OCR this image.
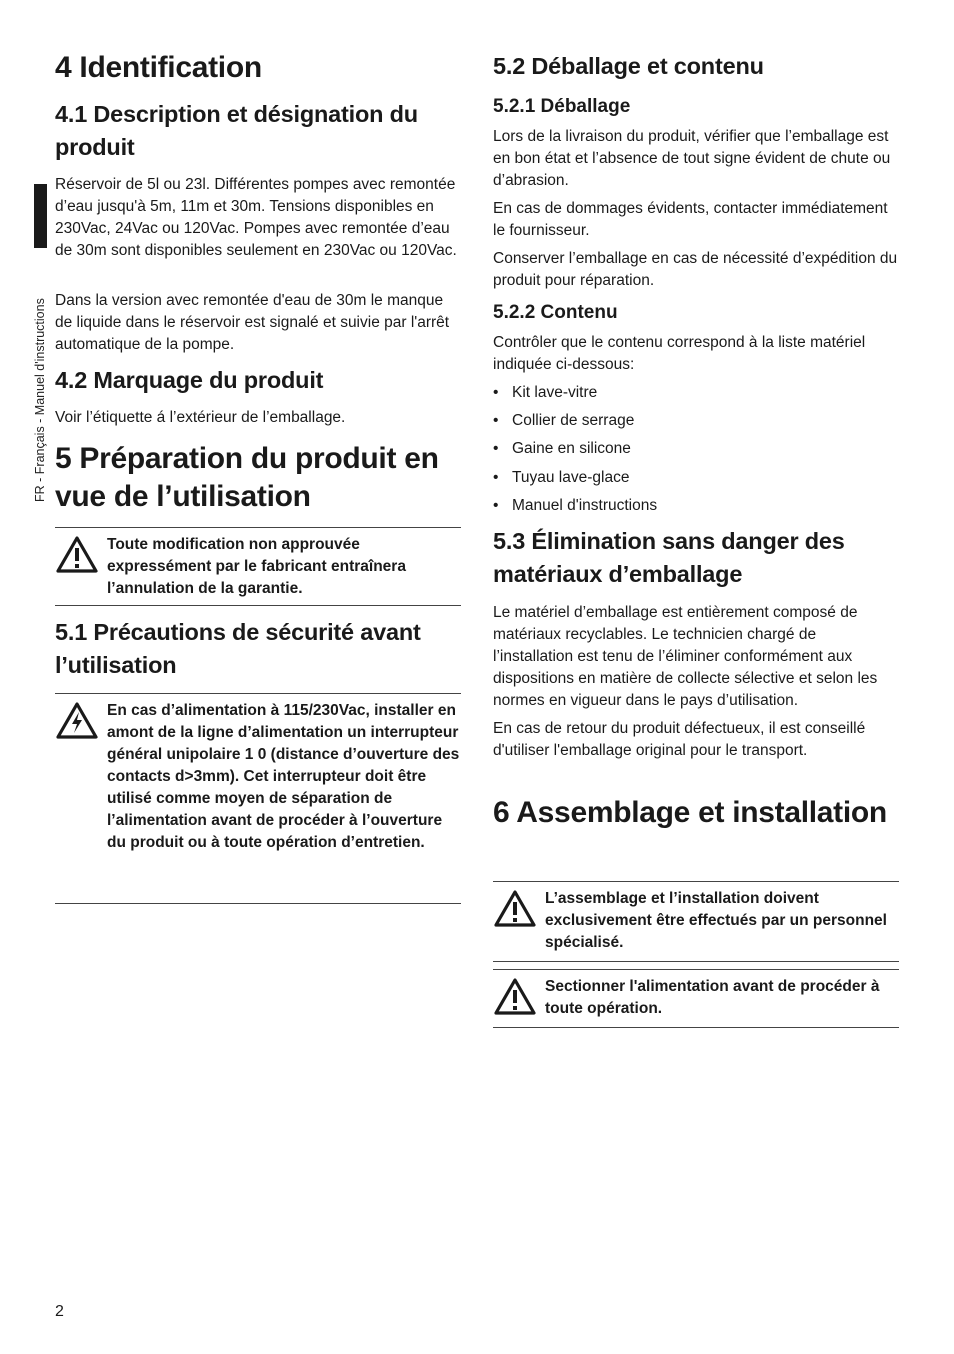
FR - Français - Manuel d'instructions
4 Identification
4.1 Description et désignation du produit

Réservoir de 5l ou 23l. Différentes pompes avec remontée d’eau jusqu'à 5m, 11m et 30m. Tensions disponibles en 230Vac, 24Vac ou 120Vac. Pompes avec remontée d’eau de 30m sont disponibles seulement en 230Vac ou 120Vac.

Dans la version avec remontée d'eau de 30m le manque de liquide dans le réservoir est signalé et suivie par l'arrêt automatique de la pompe.

4.2 Marquage du produit

Voir l’étiquette á l’extérieur de l’emballage.

5 Préparation du produit en vue de l’utilisation
Toute modification non approuvée expressément par le fabricant entraînera l’annulation de la garantie.
5.1 Précautions de sécurité avant l’utilisation
En cas d’alimentation à 115/230Vac, installer en amont de la ligne d’alimentation un interrupteur général unipolaire 1 0 (distance d’ouverture des contacts d>3mm). Cet interrupteur doit être utilisé comme moyen de séparation de l’alimentation avant de procéder à l’ouverture du produit ou à toute opération d’entretien.
5.2 Déballage et contenu
5.2.1 Déballage

Lors de la livraison du produit, vérifier que l’emballage est en bon état et l’absence de tout signe évident de chute ou d’abrasion.

En cas de dommages évidents, contacter immédiatement le fournisseur.

Conserver l’emballage en cas de nécessité d’expédition du produit pour réparation.

5.2.2 Contenu

Contrôler que le contenu correspond à la liste matériel indiquée ci-dessous:

• Kit lave-vitre
• Collier de serrage
• Gaine en silicone
• Tuyau lave-glace
• Manuel d'instructions
5.3 Élimination sans danger des matériaux d’emballage

Le matériel d’emballage est entièrement composé de matériaux recyclables. Le technicien chargé de l’installation est tenu de l’éliminer conformément aux dispositions en matière de collecte sélective et selon les normes en vigueur dans le pays d’utilisation.

En cas de retour du produit défectueux, il est conseillé d'utiliser l'emballage original pour le transport.

6 Assemblage et installation
L’assemblage et l’installation doivent exclusivement être effectués par un personnel spécialisé.
Sectionner l'alimentation avant de procéder à toute opération.
2
